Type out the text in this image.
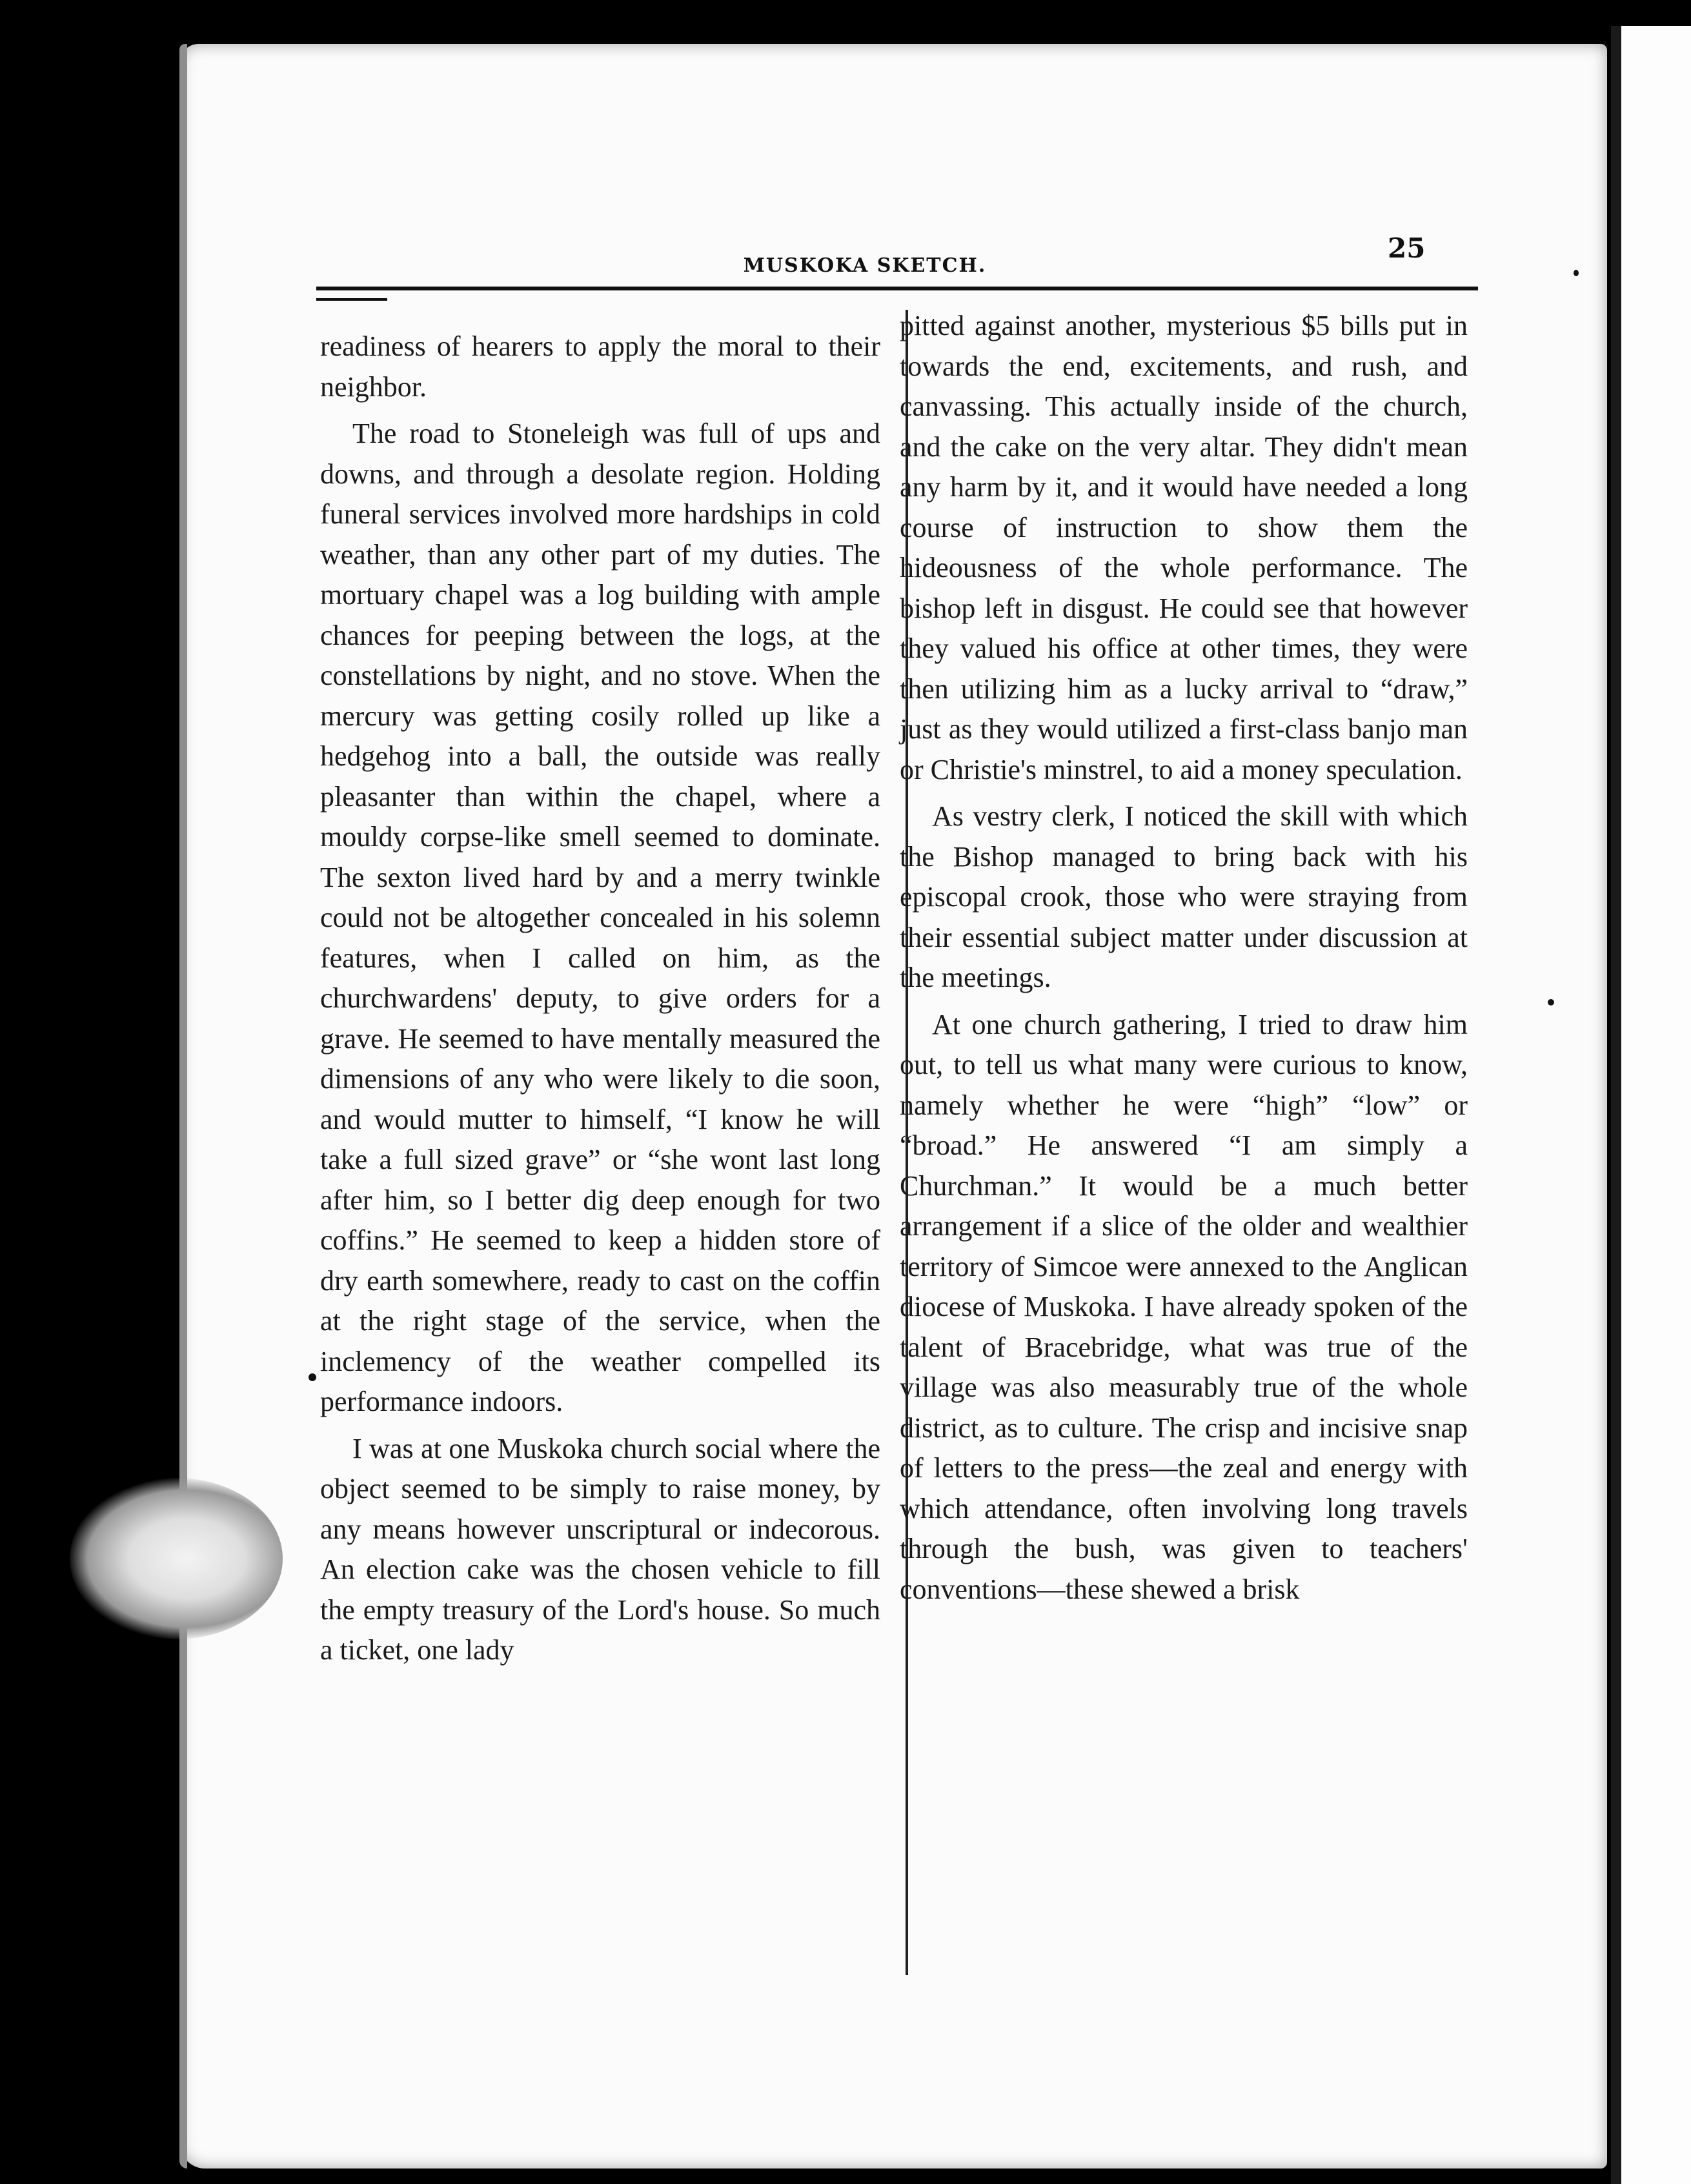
MUSKOKA SKETCH.
25

readiness of hearers to apply the moral to their neighbor.

The road to Stoneleigh was full of ups and downs, and through a desolate region. Holding funeral services involved more hardships in cold weather, than any other part of my duties. The mortuary chapel was a log building with ample chances for peeping between the logs, at the constellations by night, and no stove. When the mercury was getting cosily rolled up like a hedgehog into a ball, the outside was really pleasanter than within the chapel, where a mouldy corpse-like smell seemed to dominate. The sexton lived hard by and a merry twinkle could not be altogether concealed in his solemn features, when I called on him, as the churchwardens' deputy, to give orders for a grave. He seemed to have mentally measured the dimensions of any who were likely to die soon, and would mutter to himself, “I know he will take a full sized grave” or “she wont last long after him, so I better dig deep enough for two coffins.” He seemed to keep a hidden store of dry earth somewhere, ready to cast on the coffin at the right stage of the service, when the inclemency of the weather compelled its performance indoors.

I was at one Muskoka church social where the object seemed to be simply to raise money, by any means however unscriptural or indecorous. An election cake was the chosen vehicle to fill the empty treasury of the Lord's house. So much a ticket, one lady

pitted against another, mysterious $5 bills put in towards the end, excitements, and rush, and canvassing. This actually inside of the church, and the cake on the very altar. They didn't mean any harm by it, and it would have needed a long course of instruction to show them the hideousness of the whole performance. The bishop left in disgust. He could see that however they valued his office at other times, they were then utilizing him as a lucky arrival to “draw,” just as they would utilized a first-class banjo man or Christie's minstrel, to aid a money speculation.

As vestry clerk, I noticed the skill with which the Bishop managed to bring back with his episcopal crook, those who were straying from their essential subject matter under discussion at the meetings.

At one church gathering, I tried to draw him out, to tell us what many were curious to know, namely whether he were “high” “low” or “broad.” He answered “I am simply a Churchman.” It would be a much better arrangement if a slice of the older and wealthier territory of Simcoe were annexed to the Anglican diocese of Muskoka. I have already spoken of the talent of Bracebridge, what was true of the village was also measurably true of the whole district, as to culture. The crisp and incisive snap of letters to the press—the zeal and energy with which attendance, often involving long travels through the bush, was given to teachers' conventions—these shewed a brisk
